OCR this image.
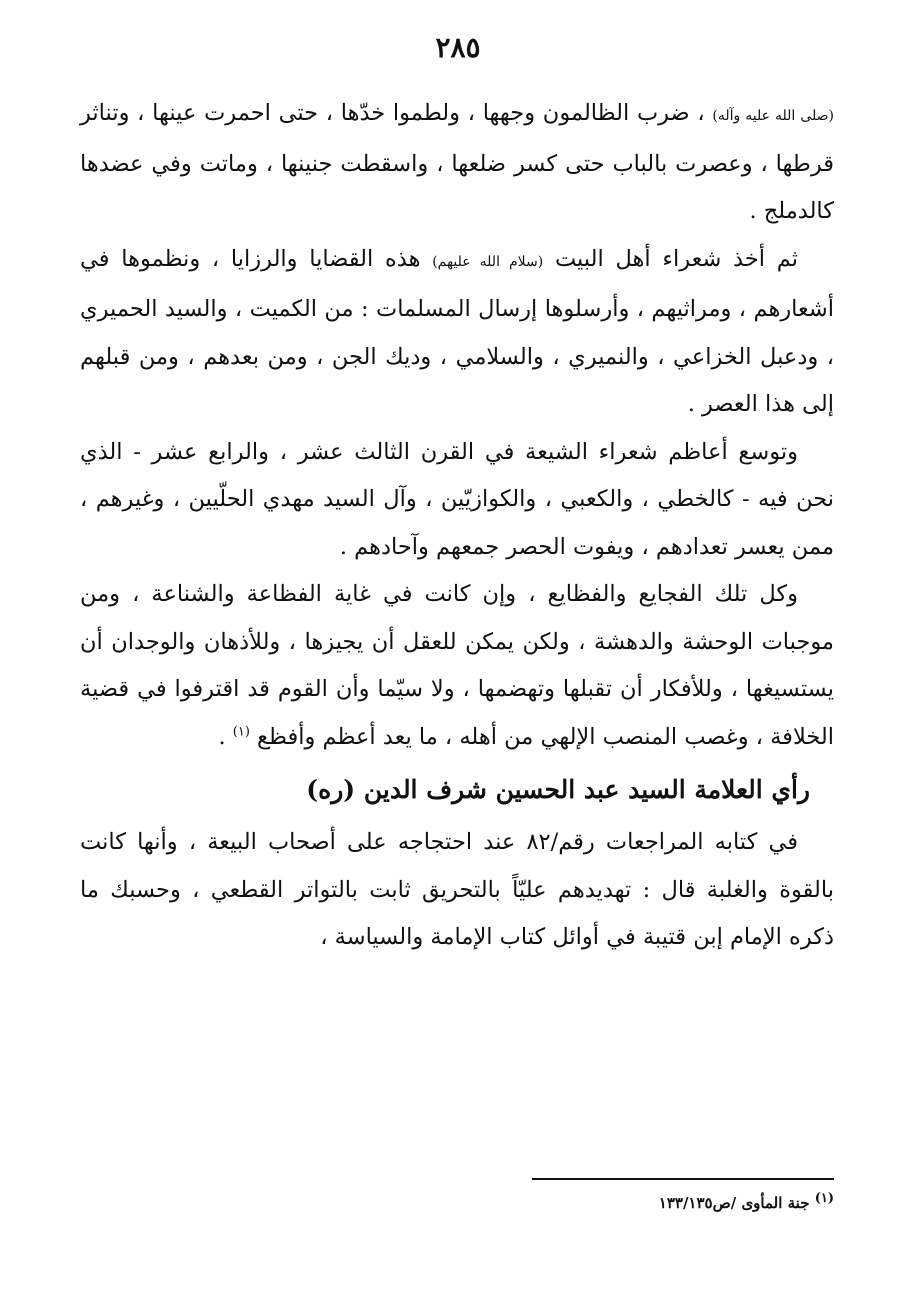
٢٨٥

(صلى الله عليه وآله) ، ضرب الظالمون وجهها ، ولطموا خدّها ، حتى احمرت عينها ، وتناثر قرطها ، وعصرت بالباب حتى كسر ضلعها ، واسقطت جنينها ، وماتت وفي عضدها كالدملج .

ثم أخذ شعراء أهل البيت (سلام الله عليهم) هذه القضايا والرزايا ، ونظموها في أشعارهم ، ومراثيهم ، وأرسلوها إرسال المسلمات : من الكميت ، والسيد الحميري ، ودعبل الخزاعي ، والنميري ، والسلامي ، وديك الجن ، ومن بعدهم ، ومن قبلهم إلى هذا العصر .

وتوسع أعاظم شعراء الشيعة في القرن الثالث عشر ، والرابع عشر - الذي نحن فيه - كالخطي ، والكعبي ، والكوازيّين ، وآل السيد مهدي الحلّيين ، وغيرهم ، ممن يعسر تعدادهم ، ويفوت الحصر جمعهم وآحادهم .

وكل تلك الفجايع والفظايع ، وإن كانت في غاية الفظاعة والشناعة ، ومن موجبات الوحشة والدهشة ، ولكن يمكن للعقل أن يجيزها ، وللأذهان والوجدان أن يستسيغها ، وللأفكار أن تقبلها وتهضمها ، ولا سيّما وأن القوم قد اقترفوا في قضية الخلافة ، وغصب المنصب الإلهي من أهله ، ما يعد أعظم وأفظع $^{(١)}$ .

رأي العلامة السيد عبد الحسين شرف الدين (ره)

في كتابه المراجعات رقم/٨٢ عند احتجاجه على أصحاب البيعة ، وأنها كانت بالقوة والغلبة قال : تهديدهم عليّاً بالتحريق ثابت بالتواتر القطعي ، وحسبك ما ذكره الإمام إبن قتيبة في أوائل كتاب الإمامة والسياسة ،

(١) جنة المأوى /ص١٣٣/١٣٥
